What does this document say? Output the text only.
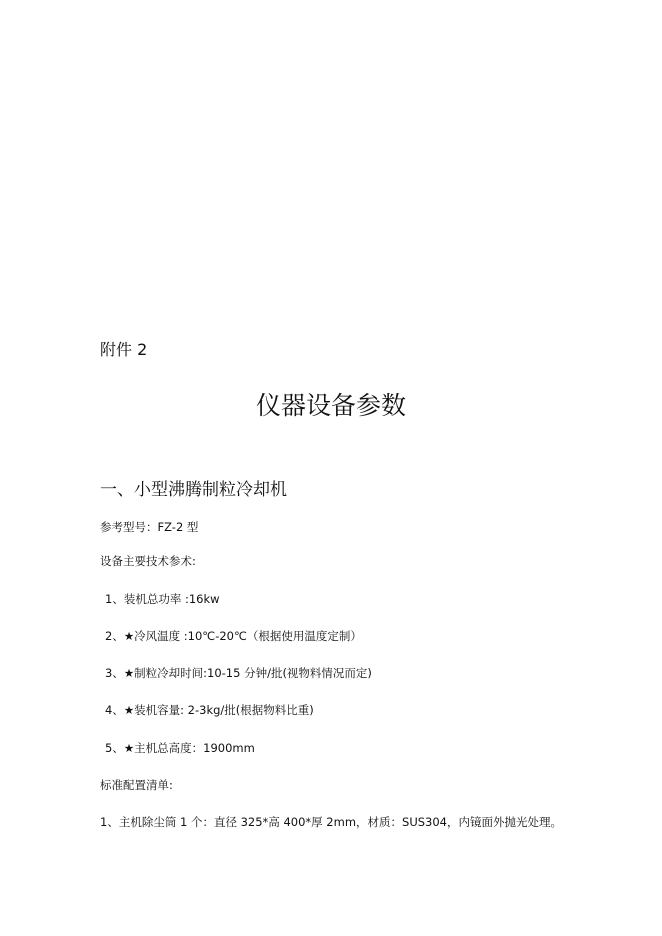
附件 2
仪器设备参数
一、小型沸腾制粒冷却机
参考型号：FZ-2 型
设备主要技术参术:
1、装机总功率 :16kw
2、★冷风温度 :10℃-20℃（根据使用温度定制）
3、★制粒冷却时间:10-15 分钟/批(视物料情况而定)
4、★装机容量: 2-3kg/批(根据物料比重)
5、★主机总高度：1900mm
标准配置清单:
1、主机除尘筒 1 个：直径 325*高 400*厚 2mm，材质：SUS304，内镜面外抛光处理。
